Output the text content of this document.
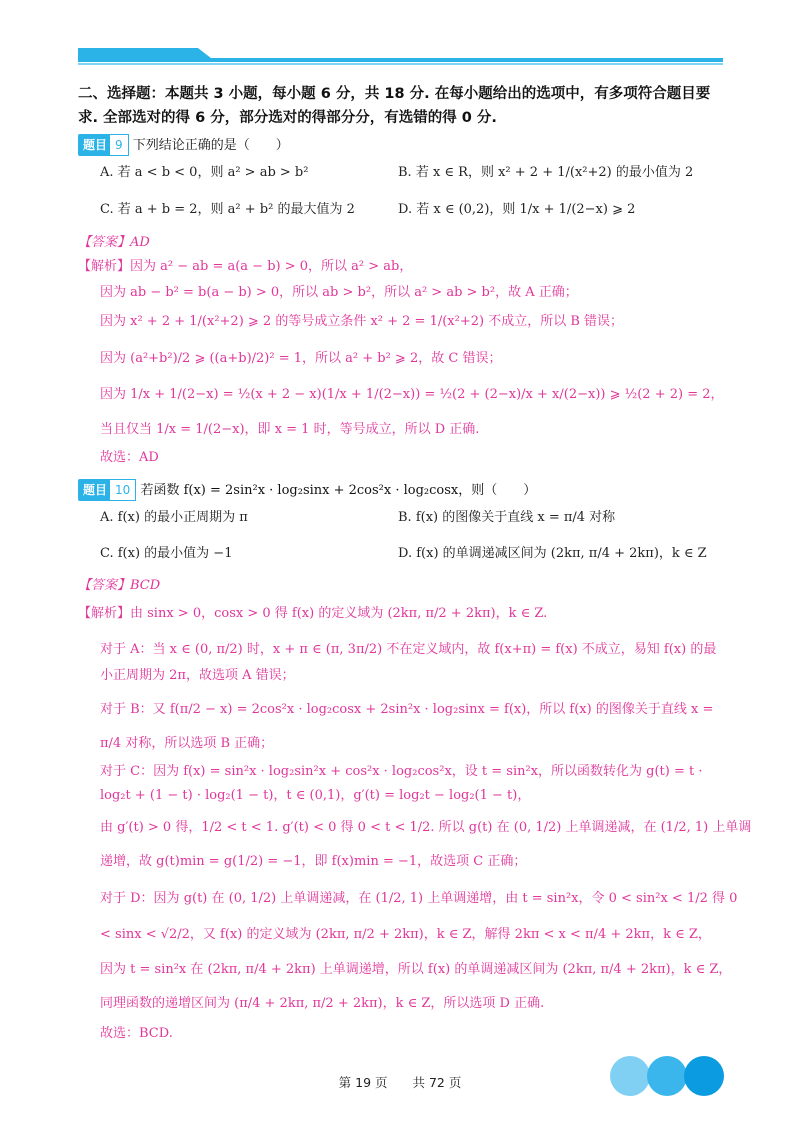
二、选择题：本题共 3 小题，每小题 6 分，共 18 分. 在每小题给出的选项中，有多项符合题目要
求. 全部选对的得 6 分，部分选对的得部分分，有选错的得 0 分.
题目 9 下列结论正确的是（　　）
A. 若 a < b < 0，则 a² > ab > b²	B. 若 x ∈ R，则 x² + 2 + 1/(x²+2) 的最小值为 2
C. 若 a + b = 2，则 a² + b² 的最大值为 2	D. 若 x ∈ (0,2)，则 1/x + 1/(2−x) ⩾ 2
【答案】AD
【解析】因为 a² − ab = a(a − b) > 0，所以 a² > ab，
因为 ab − b² = b(a − b) > 0，所以 ab > b²，所以 a² > ab > b²，故 A 正确；
因为 x² + 2 + 1/(x²+2) ⩾ 2 的等号成立条件 x² + 2 = 1/(x²+2) 不成立，所以 B 错误；
因为 (a²+b²)/2 ⩾ ((a+b)/2)² = 1，所以 a² + b² ⩾ 2，故 C 错误；
因为 1/x + 1/(2−x) = ½(x + 2 − x)(1/x + 1/(2−x)) = ½(2 + (2−x)/x + x/(2−x)) ⩾ ½(2 + 2) = 2，
当且仅当 1/x = 1/(2−x)，即 x = 1 时，等号成立，所以 D 正确.
故选：AD
题目 10 若函数 f(x) = 2sin²x · log₂sinx + 2cos²x · log₂cosx，则（　　）
A. f(x) 的最小正周期为 π	B. f(x) 的图像关于直线 x = π/4 对称
C. f(x) 的最小值为 −1	D. f(x) 的单调递减区间为 (2kπ, π/4 + 2kπ)，k ∈ Z
【答案】BCD
【解析】由 sinx > 0，cosx > 0 得 f(x) 的定义域为 (2kπ, π/2 + 2kπ)，k ∈ Z.
对于 A：当 x ∈ (0, π/2) 时，x + π ∈ (π, 3π/2) 不在定义域内，故 f(x+π) = f(x) 不成立，易知 f(x) 的最
小正周期为 2π，故选项 A 错误；
对于 B：又 f(π/2 − x) = 2cos²x · log₂cosx + 2sin²x · log₂sinx = f(x)，所以 f(x) 的图像关于直线 x =
π/4 对称，所以选项 B 正确；
对于 C：因为 f(x) = sin²x · log₂sin²x + cos²x · log₂cos²x，设 t = sin²x，所以函数转化为 g(t) = t ·
log₂t + (1 − t) · log₂(1 − t)，t ∈ (0,1)，g′(t) = log₂t − log₂(1 − t)，
由 g′(t) > 0 得，1/2 < t < 1. g′(t) < 0 得 0 < t < 1/2. 所以 g(t) 在 (0, 1/2) 上单调递减，在 (1/2, 1) 上单调
递增，故 g(t)min = g(1/2) = −1，即 f(x)min = −1，故选项 C 正确；
对于 D：因为 g(t) 在 (0, 1/2) 上单调递减，在 (1/2, 1) 上单调递增，由 t = sin²x，令 0 < sin²x < 1/2 得 0
< sinx < √2/2，又 f(x) 的定义域为 (2kπ, π/2 + 2kπ)，k ∈ Z，解得 2kπ < x < π/4 + 2kπ，k ∈ Z，
因为 t = sin²x 在 (2kπ, π/4 + 2kπ) 上单调递增，所以 f(x) 的单调递减区间为 (2kπ, π/4 + 2kπ)，k ∈ Z，
同理函数的递增区间为 (π/4 + 2kπ, π/2 + 2kπ)，k ∈ Z，所以选项 D 正确.
故选：BCD.
第 19 页　　共 72 页
